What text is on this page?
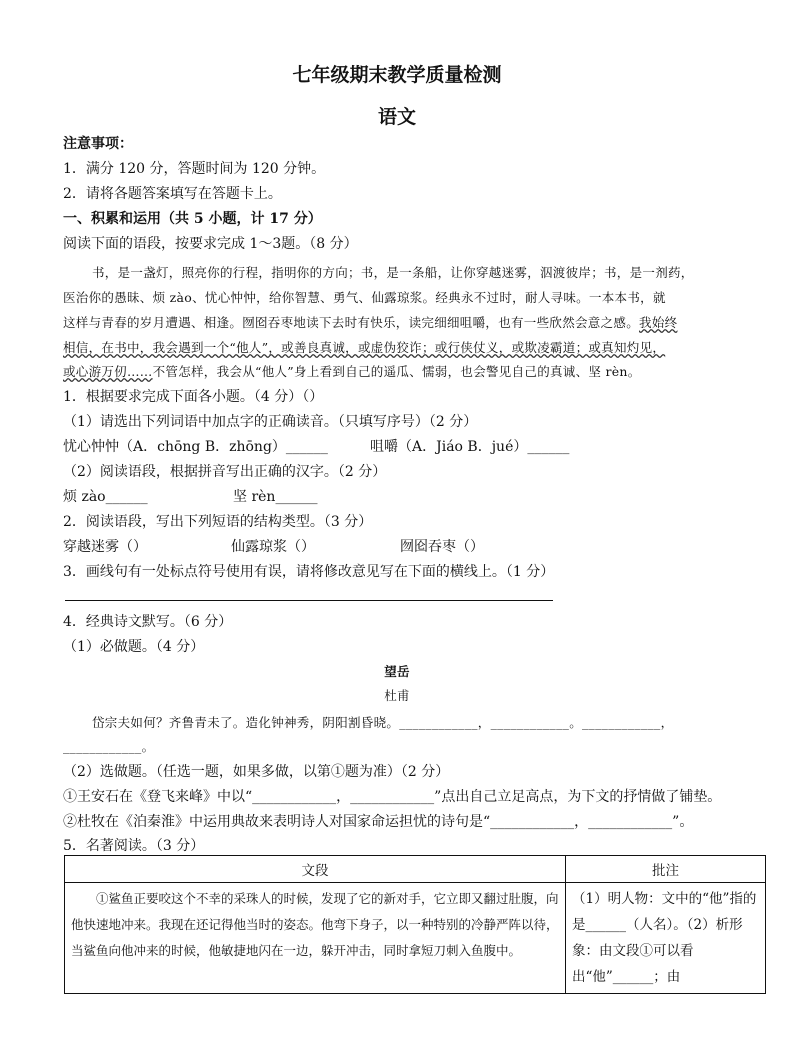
七年级期末教学质量检测
语文
注意事项：
1．满分 120 分，答题时间为 120 分钟。
2．请将各题答案填写在答题卡上。
一、积累和运用（共 5 小题，计 17 分）
阅读下面的语段，按要求完成 1～3题。（8 分）
书，是一盏灯，照亮你的行程，指明你的方向；书，是一条船，让你穿越迷雾，泅渡彼岸；书，是一剂药，
医治你的愚昧、烦 zào、忧心忡忡，给你智慧、勇气、仙露琼浆。经典永不过时，耐人寻味。一本本书，就
这样与青春的岁月遭遇、相逢。囫囵吞枣地读下去时有快乐，读完细细咀嚼，也有一些欣然会意之感。我始终
相信，在书中，我会遇到一个“他人”，或善良真诚，或虚伪狡诈；或行侠仗义，或欺凌霸道；或真知灼见，
或心游万仞……不管怎样，我会从“他人”身上看到自己的遥瓜、懦弱，也会警见自己的真诚、坚 rèn。
1．根据要求完成下面各小题。（4 分）（）
（1）请选出下列词语中加点字的正确读音。（只填写序号）（2 分）
忧心忡忡（A．chōng B．zhōng）______	咀嚼（A．Jiáo B．jué）______
（2）阅读语段，根据拼音写出正确的汉字。（2 分）
烦 zào______	坚 rèn______
2．阅读语段，写出下列短语的结构类型。（3 分）
穿越迷雾（）	仙露琼浆（）	囫囵吞枣（）
3．画线句有一处标点符号使用有误，请将修改意见写在下面的横线上。（1 分）
4．经典诗文默写。（6 分）
（1）必做题。（4 分）
望岳
杜甫
岱宗夫如何？齐鲁青未了。造化钟神秀，阴阳割昏晓。____________，____________。____________，
____________。
（2）选做题。（任选一题，如果多做，以第①题为准）（2 分）
①王安石在《登飞来峰》中以“____________，____________”点出自己立足高点，为下文的抒情做了铺垫。
②杜牧在《泊秦淮》中运用典故来表明诗人对国家命运担忧的诗句是“____________，____________”。
5．名著阅读。（3 分）
文段	批注
①鲨鱼正要咬这个不幸的采珠人的时候，发现了它的新对手，它立即又翻过肚腹，向他快速地冲来。我现在还记得他当时的姿态。他弯下身子，以一种特别的冷静严阵以待，当鲨鱼向他冲来的时候，他敏捷地闪在一边，躲开冲击，同时拿短刀刺入鱼腹中。	（1）明人物：文中的“他”指的是______（人名）。（2）析形象：由文段①可以看出“他”______；由
